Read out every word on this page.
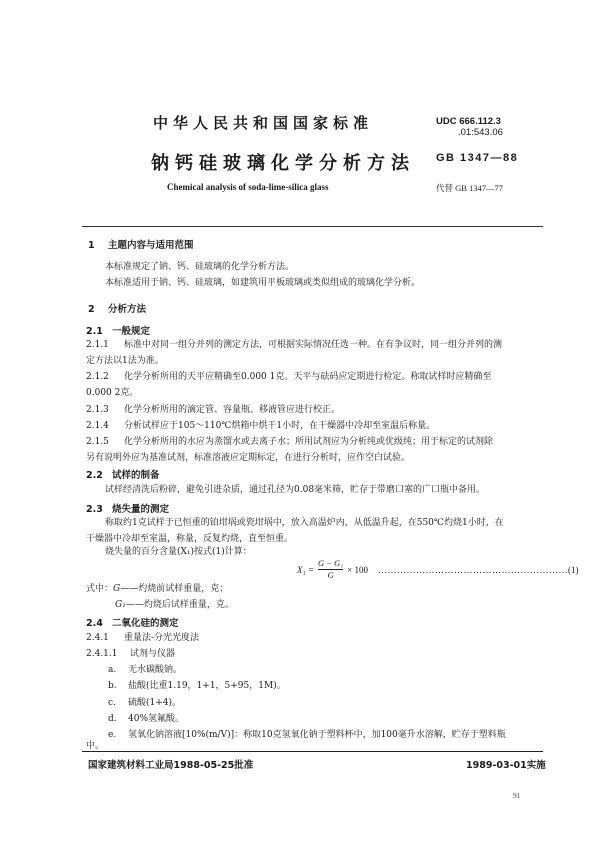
中华人民共和国国家标准
钠钙硅玻璃化学分析方法
Chemical analysis of soda-lime-silica glass
UDC 666.112.3
.01:543.06
GB 1347—88
代替 GB 1347—77
1 主题内容与适用范围
本标准规定了钠、钙、硅玻璃的化学分析方法。
本标准适用于钠、钙、硅玻璃，如建筑用平板玻璃或类似组成的玻璃化学分析。
2 分析方法
2.1 一般规定
2.1.1 标准中对同一组分并列的测定方法，可根据实际情况任选一种。在有争议时，同一组分并列的测
定方法以1法为准。
2.1.2 化学分析所用的天平应精确至0.000 1克。天平与砝码应定期进行检定。称取试样时应精确至
0.000 2克。
2.1.3 化学分析所用的滴定管、容量瓶、移液管应进行校正。
2.1.4 分析试样应于105～110℃烘箱中烘干1小时，在干燥器中冷却至室温后称量。
2.1.5 化学分析所用的水应为蒸馏水或去离子水；所用试剂应为分析纯或优级纯；用于标定的试剂除
另有说明外应为基准试剂，标准溶液应定期标定，在进行分析时，应作空白试验。
2.2 试样的制备
试样经清洗后粉碎，避免引进杂质，通过孔径为0.08毫米筛，贮存于带磨口塞的广口瓶中备用。
2.3 烧失量的测定
称取约1克试样于已恒重的铂坩埚或瓷坩埚中，放入高温炉内，从低温升起，在550℃灼烧1小时，在
干燥器中冷却至室温，称量，反复灼烧，直至恒重。
烧失量的百分含量(X₁)按式(1)计算：
$X_1 = \frac{\text{G − G₁}}{G} \times 100$ …………………………………………………… (1)
式中：G——灼烧前试样重量，克；
G₁——灼烧后试样重量，克。
2.4 二氧化硅的测定
2.4.1 重量法-分光光度法
2.4.1.1 试剂与仪器
a. 无水碳酸钠。
b. 盐酸(比重1.19，1+1，5+95，1M)。
c. 硫酸(1+4)。
d. 40%氢氟酸。
e. 氢氧化钠溶液[10%(m/V)]：称取10克氢氧化钠于塑料杯中，加100毫升水溶解，贮存于塑料瓶
中。
国家建筑材料工业局1988-05-25批准	1989-03-01实施
91
